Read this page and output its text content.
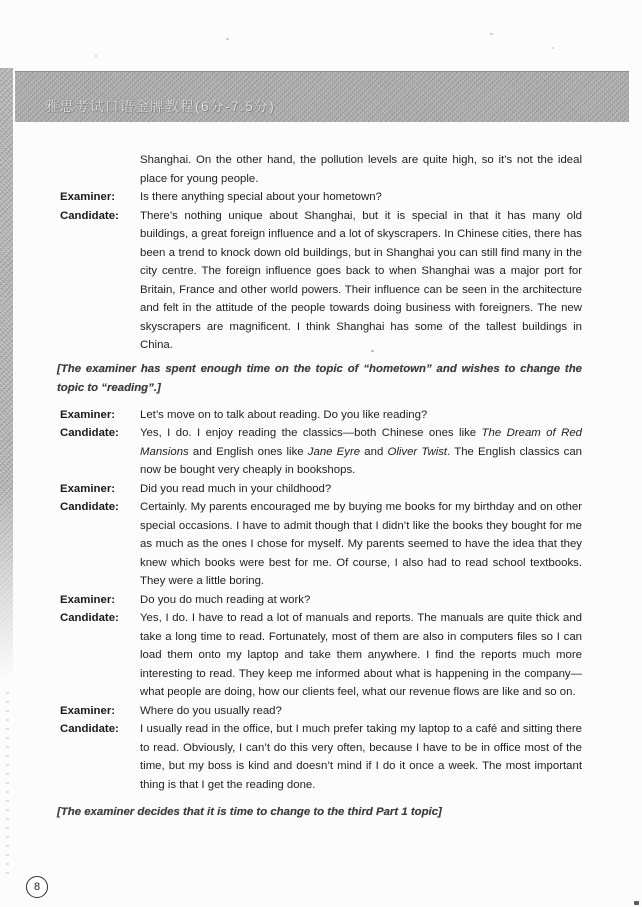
雅思考试口语金牌教程(6分-7.5分)

Shanghai. On the other hand, the pollution levels are quite high, so it’s not the ideal place for young people.

Examiner:	Is there anything special about your hometown?
Candidate:	There’s nothing unique about Shanghai, but it is special in that it has many old buildings, a great foreign influence and a lot of skyscrapers. In Chinese cities, there has been a trend to knock down old buildings, but in Shanghai you can still find many in the city centre. The foreign influence goes back to when Shanghai was a major port for Britain, France and other world powers. Their influence can be seen in the architecture and felt in the attitude of the people towards doing business with foreigners. The new skyscrapers are magnificent. I think Shanghai has some of the tallest buildings in China.

[The examiner has spent enough time on the topic of “hometown” and wishes to change the topic to “reading”.]

Examiner:	Let’s move on to talk about reading. Do you like reading?
Candidate:	Yes, I do. I enjoy reading the classics—both Chinese ones like The Dream of Red Mansions and English ones like Jane Eyre and Oliver Twist. The English classics can now be bought very cheaply in bookshops.
Examiner:	Did you read much in your childhood?
Candidate:	Certainly. My parents encouraged me by buying me books for my birthday and on other special occasions. I have to admit though that I didn’t like the books they bought for me as much as the ones I chose for myself. My parents seemed to have the idea that they knew which books were best for me. Of course, I also had to read school textbooks. They were a little boring.
Examiner:	Do you do much reading at work?
Candidate:	Yes, I do. I have to read a lot of manuals and reports. The manuals are quite thick and take a long time to read. Fortunately, most of them are also in computers files so I can load them onto my laptop and take them anywhere. I find the reports much more interesting to read. They keep me informed about what is happening in the company—what people are doing, how our clients feel, what our revenue flows are like and so on.
Examiner:	Where do you usually read?
Candidate:	I usually read in the office, but I much prefer taking my laptop to a café and sitting there to read. Obviously, I can’t do this very often, because I have to be in office most of the time, but my boss is kind and doesn’t mind if I do it once a week. The most important thing is that I get the reading done.

[The examiner decides that it is time to change to the third Part 1 topic]

8
